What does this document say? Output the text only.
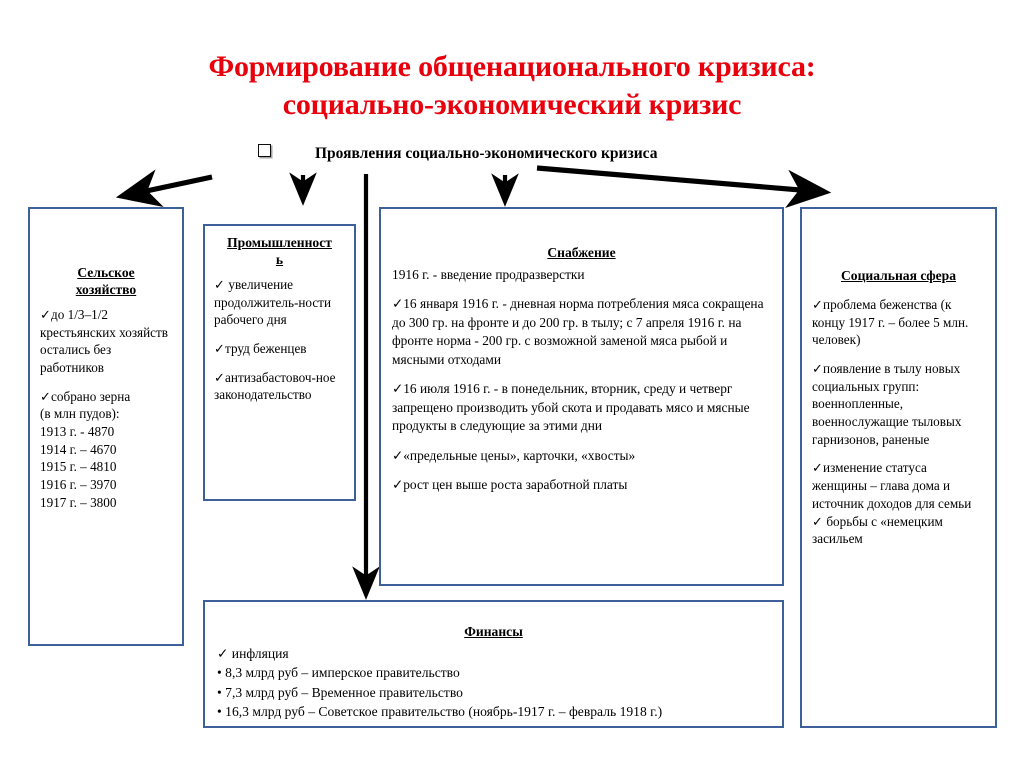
Формирование общенационального кризиса:
социально-экономический кризис
Проявления социально-экономического кризиса
Сельское
хозяйство

✓до 1/3–1/2 крестьянских хозяйств остались без работников

✓собрано зерна

(в млн пудов):

1913 г. - 4870

1914 г. – 4670

1915 г. – 4810

1916 г. – 3970

1917 г. – 3800

Промышленност
ь

✓ увеличение продолжитель-ности рабочего дня

✓труд беженцев

✓антизабастовоч-ное законодательство

Снабжение

1916 г. - введение продразверстки

✓16 января 1916 г. - дневная норма потребления мяса сокращена до 300 гр. на фронте и до 200 гр. в тылу; с 7 апреля 1916 г. на фронте норма - 200 гр. с возможной заменой мяса рыбой и мясными отходами

✓16 июля 1916 г. - в понедельник, вторник, среду и четверг запрещено производить убой скота и продавать мясо и мясные продукты в следующие за этими дни

✓«предельные цены», карточки, «хвосты»

✓рост цен выше роста заработной платы

Социальная сфера

✓проблема беженства (к концу 1917 г. – более 5 млн. человек)

✓появление в тылу новых социальных групп: военнопленные, военнослужащие тыловых гарнизонов, раненые

✓изменение статуса женщины – глава дома и источник доходов для семьи

✓ борьбы с «немецким засильем

Финансы

✓ инфляция

• 8,3 млрд руб – имперское правительство

• 7,3 млрд руб – Временное правительство

• 16,3 млрд руб – Советское правительство (ноябрь-1917 г. – февраль 1918 г.)
